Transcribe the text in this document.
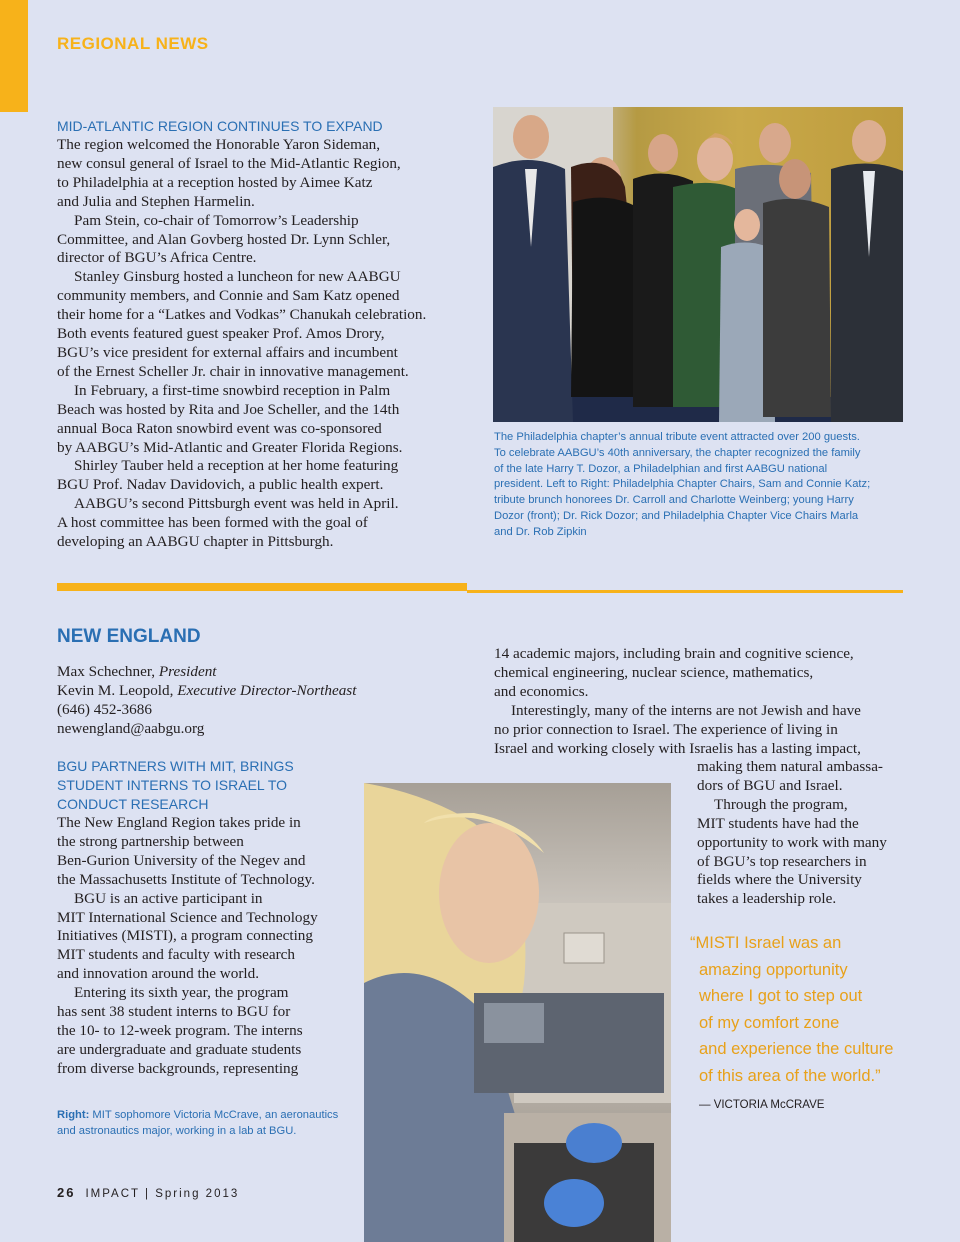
REGIONAL NEWS
MID-ATLANTIC REGION CONTINUES TO EXPAND

The region welcomed the Honorable Yaron Sideman,

new consul general of Israel to the Mid-Atlantic Region,

to Philadelphia at a reception hosted by Aimee Katz

and Julia and Stephen Harmelin.

Pam Stein, co-chair of Tomorrow’s Leadership

Committee, and Alan Govberg hosted Dr. Lynn Schler,

director of BGU’s Africa Centre.

Stanley Ginsburg hosted a luncheon for new AABGU

community members, and Connie and Sam Katz opened

their home for a “Latkes and Vodkas” Chanukah celebration.

Both events featured guest speaker Prof. Amos Drory,

BGU’s vice president for external affairs and incumbent

of the Ernest Scheller Jr. chair in innovative management.

In February, a first-time snowbird reception in Palm

Beach was hosted by Rita and Joe Scheller, and the 14th

annual Boca Raton snowbird event was co-sponsored

by AABGU’s Mid-Atlantic and Greater Florida Regions.

Shirley Tauber held a reception at her home featuring

BGU Prof. Nadav Davidovich, a public health expert.

AABGU’s second Pittsburgh event was held in April.

A host committee has been formed with the goal of

developing an AABGU chapter in Pittsburgh.

The Philadelphia chapter’s annual tribute event attracted over 200 guests.
To celebrate AABGU’s 40th anniversary, the chapter recognized the family
of the late Harry T. Dozor, a Philadelphian and first AABGU national
president. Left to Right: Philadelphia Chapter Chairs, Sam and Connie Katz;
tribute brunch honorees Dr. Carroll and Charlotte Weinberg; young Harry
Dozor (front); Dr. Rick Dozor; and Philadelphia Chapter Vice Chairs Marla
and Dr. Rob Zipkin
NEW ENGLAND

Max Schechner, President

Kevin M. Leopold, Executive Director-Northeast

(646) 452-3686

newengland@aabgu.org

BGU PARTNERS WITH MIT, BRINGS
STUDENT INTERNS TO ISRAEL TO
CONDUCT RESEARCH

The New England Region takes pride in

the strong partnership between

Ben-Gurion University of the Negev and

the Massachusetts Institute of Technology.

BGU is an active participant in

MIT International Science and Technology

Initiatives (MISTI), a program connecting

MIT students and faculty with research

and innovation around the world.

Entering its sixth year, the program

has sent 38 student interns to BGU for

the 10- to 12-week program. The interns

are undergraduate and graduate students

from diverse backgrounds, representing

14 academic majors, including brain and cognitive science,

chemical engineering, nuclear science, mathematics,

and economics.

Interestingly, many of the interns are not Jewish and have

no prior connection to Israel. The experience of living in

Israel and working closely with Israelis has a lasting impact,

making them natural ambassa-

dors of BGU and Israel.

Through the program,

MIT students have had the

opportunity to work with many

of BGU’s top researchers in

fields where the University

takes a leadership role.

Right: MIT sophomore Victoria McCrave, an aeronautics and astronautics major, working in a lab at BGU.
“MISTI Israel was an
amazing opportunity
where I got to step out
of my comfort zone
and experience the culture
of this area of the world.”
— VICTORIA McCRAVE
26 IMPACT | Spring 2013
